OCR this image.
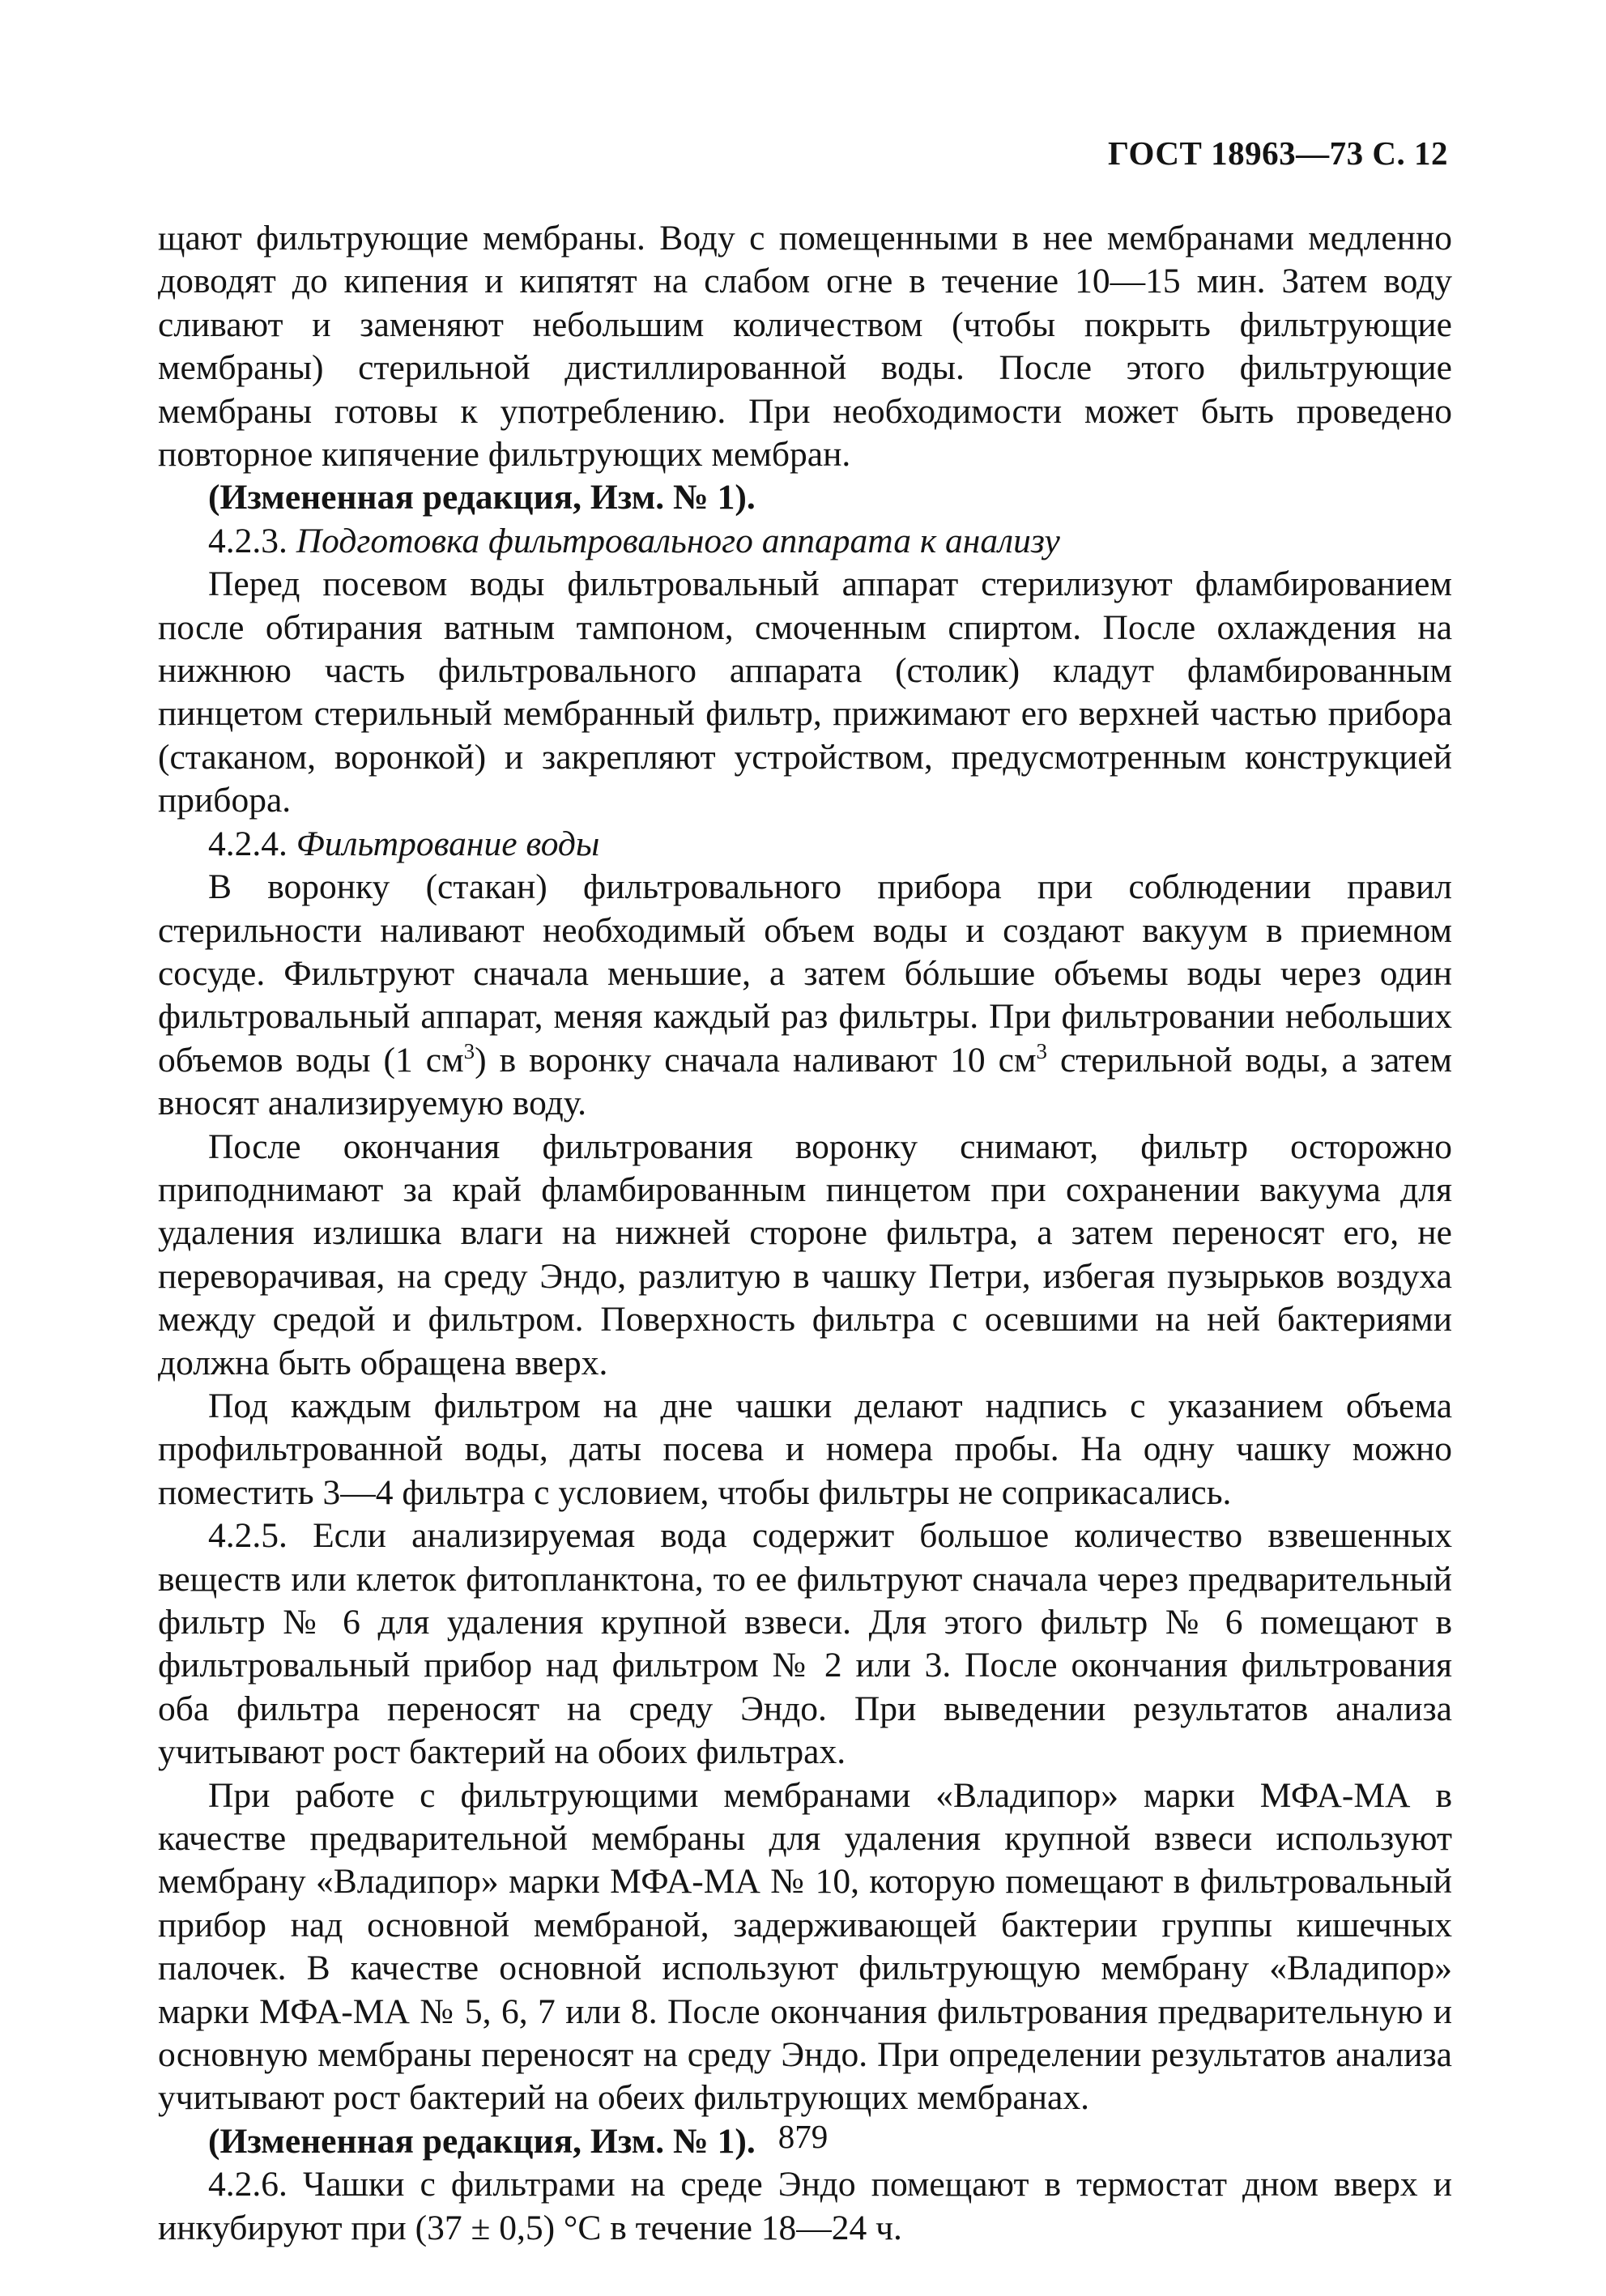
ГОСТ 18963—73 С. 12

щают фильтрующие мембраны. Воду с помещенными в нее мембранами медленно доводят до кипения и кипятят на слабом огне в течение 10—15 мин. Затем воду сливают и заменяют небольшим количеством (чтобы покрыть фильтрующие мембраны) стерильной дистиллированной воды. После этого фильтрующие мембраны готовы к употреблению. При необходимости может быть проведено повторное кипячение фильтрующих мембран.

(Измененная редакция, Изм. № 1).

4.2.3. Подготовка фильтровального аппарата к анализу

Перед посевом воды фильтровальный аппарат стерилизуют фламбированием после обтирания ватным тампоном, смоченным спиртом. После охлаждения на нижнюю часть фильтровального аппарата (столик) кладут фламбированным пинцетом стерильный мембранный фильтр, прижимают его верхней частью прибора (стаканом, воронкой) и закрепляют устройством, предусмотренным конструкцией прибора.

4.2.4. Фильтрование воды

В воронку (стакан) фильтровального прибора при соблюдении правил стерильности наливают необходимый объем воды и создают вакуум в приемном сосуде. Фильтруют сначала меньшие, а затем бóльшие объемы воды через один фильтровальный аппарат, меняя каждый раз фильтры. При фильтровании небольших объемов воды (1 $см^3$) в воронку сначала наливают 10 $см^3$ стерильной воды, а затем вносят анализируемую воду.

После окончания фильтрования воронку снимают, фильтр осторожно приподнимают за край фламбированным пинцетом при сохранении вакуума для удаления излишка влаги на нижней стороне фильтра, а затем переносят его, не переворачивая, на среду Эндо, разлитую в чашку Петри, избегая пузырьков воздуха между средой и фильтром. Поверхность фильтра с осевшими на ней бактериями должна быть обращена вверх.

Под каждым фильтром на дне чашки делают надпись с указанием объема профильтрованной воды, даты посева и номера пробы. На одну чашку можно поместить 3—4 фильтра с условием, чтобы фильтры не соприкасались.

4.2.5. Если анализируемая вода содержит большое количество взвешенных веществ или клеток фитопланктона, то ее фильтруют сначала через предварительный фильтр № 6 для удаления крупной взвеси. Для этого фильтр № 6 помещают в фильтровальный прибор над фильтром № 2 или 3. После окончания фильтрования оба фильтра переносят на среду Эндо. При выведении результатов анализа учитывают рост бактерий на обоих фильтрах.

При работе с фильтрующими мембранами «Владипор» марки МФА-МА в качестве предварительной мембраны для удаления крупной взвеси используют мембрану «Владипор» марки МФА-МА № 10, которую помещают в фильтровальный прибор над основной мембраной, задерживающей бактерии группы кишечных палочек. В качестве основной используют фильтрующую мембрану «Владипор» марки МФА-МА № 5, 6, 7 или 8. После окончания фильтрования предварительную и основную мембраны переносят на среду Эндо. При определении результатов анализа учитывают рост бактерий на обеих фильтрующих мембранах.

(Измененная редакция, Изм. № 1).

4.2.6. Чашки с фильтрами на среде Эндо помещают в термостат дном вверх и инкубируют при (37 ± 0,5) °С в течение 18—24 ч.

879
